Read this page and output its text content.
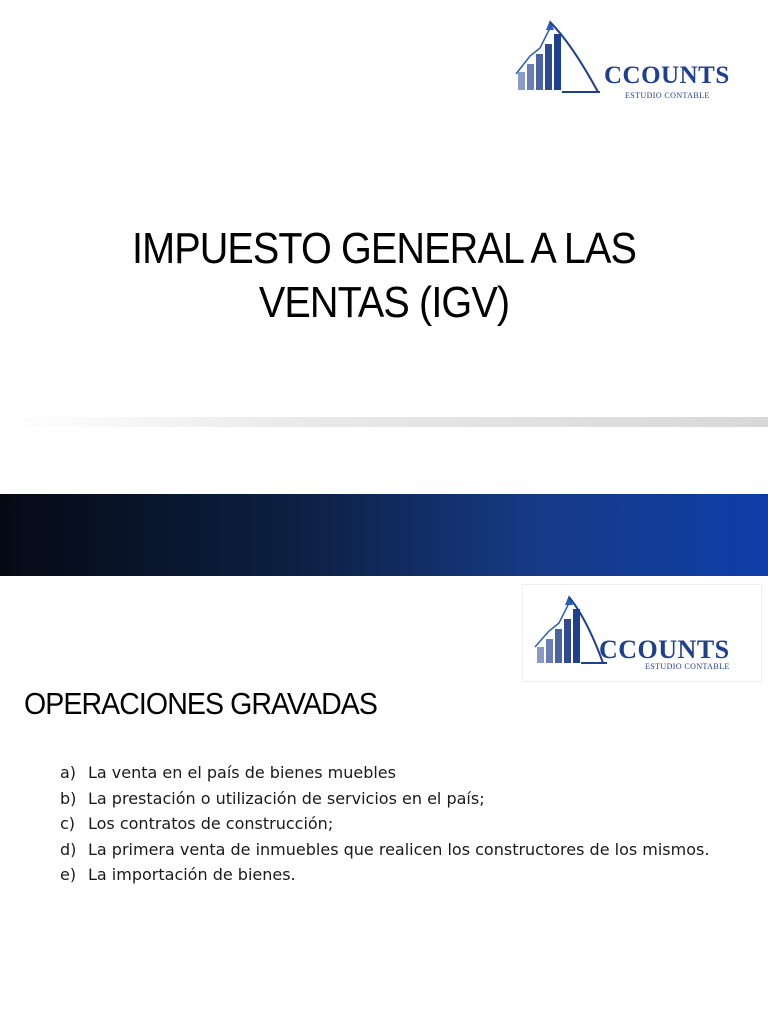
CCOUNTS
ESTUDIO CONTABLE
IMPUESTO GENERAL A LAS
VENTAS (IGV)
CCOUNTS
ESTUDIO CONTABLE
OPERACIONES GRAVADAS
a) La venta en el país de bienes muebles
b) La prestación o utilización de servicios en el país;
c) Los contratos de construcción;
d) La primera venta de inmuebles que realicen los constructores de los mismos.
e) La importación de bienes.
